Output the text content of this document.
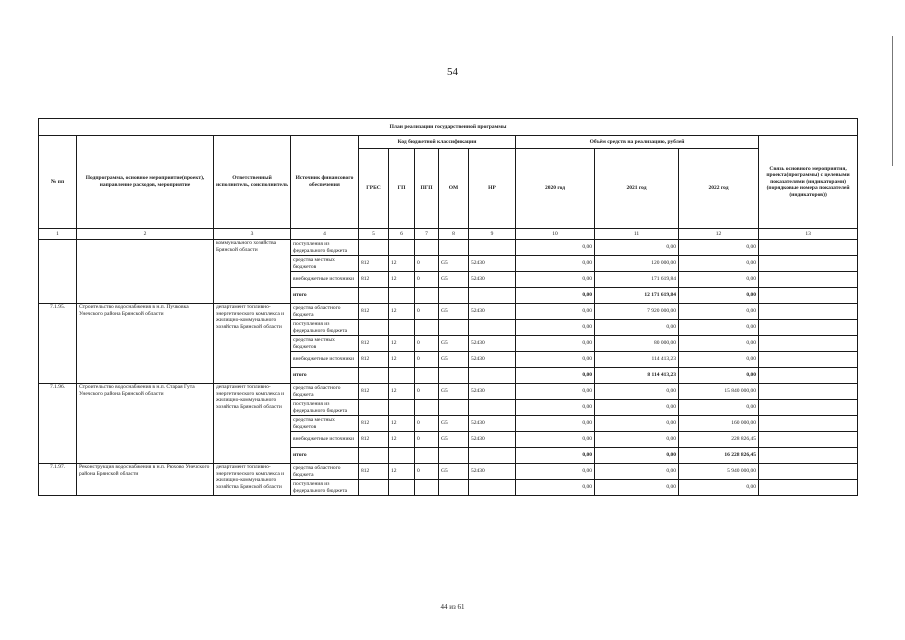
54
План реализации государственной программы												
№ пп	Подпрограмма, основное мероприятие(проект), направление расходов, мероприятие	Ответственный исполнитель, соисполнитель	Источник финансового обеспечения	Код бюджетной классификации					Объём средств на реализацию, рублей			Связь основного мероприятия, проекта(программы) с целевыми показателями (индикаторами) (порядковые номера показателей (индикаторов))
				ГРБС	ГП	ПГП	ОМ	НР	2020 год	2021 год	2022 год	
1	2	3	4	5	6	7	8	9	10	11	12	13
		коммунального хозяйства Брянской области	поступления из федерального бюджета						0,00	0,00	0,00	
			средства местных бюджетов	812	12	0	G5	52430	0,00	120 000,00	0,00	
			внебюджетные источники	812	12	0	G5	52430	0,00	171 619,84	0,00	
			итого						0,00	12 171 619,84	0,00	
7.1.95.	Строительство водоснабжения в н.п. Пучковка Унечского района Брянской области	департамент топливно-энергетического комплекса и жилищно-коммунального хозяйства Брянской области	средства областного бюджета	812	12	0	G5	52430	0,00	7 920 000,00	0,00	
			поступления из федерального бюджета						0,00	0,00	0,00	
			средства местных бюджетов	812	12	0	G5	52430	0,00	80 000,00	0,00	
			внебюджетные источники	812	12	0	G5	52430	0,00	114 413,23	0,00	
			итого						0,00	8 114 413,23	0,00	
7.1.96.	Строительство водоснабжения в н.п. Старая Гута Унечского района Брянской области	департамент топливно-энергетического комплекса и жилищно-коммунального хозяйства Брянской области	средства областного бюджета	812	12	0	G5	52430	0,00	0,00	15 840 000,00	
			поступления из федерального бюджета						0,00	0,00	0,00	
			средства местных бюджетов	812	12	0	G5	52430	0,00	0,00	160 000,00	
			внебюджетные источники	812	12	0	G5	52430	0,00	0,00	228 826,45	
			итого						0,00	0,00	16 228 826,45	
7.1.97.	Реконструкция водоснабжения в н.п. Рюхово Унечского района Брянской области	департамент топливно-энергетического комплекса и жилищно-коммунального хозяйства Брянской области	средства областного бюджета	812	12	0	G5	52430	0,00	0,00	5 940 000,00	
			поступления из федерального бюджета						0,00	0,00	0,00	
44 из 61
